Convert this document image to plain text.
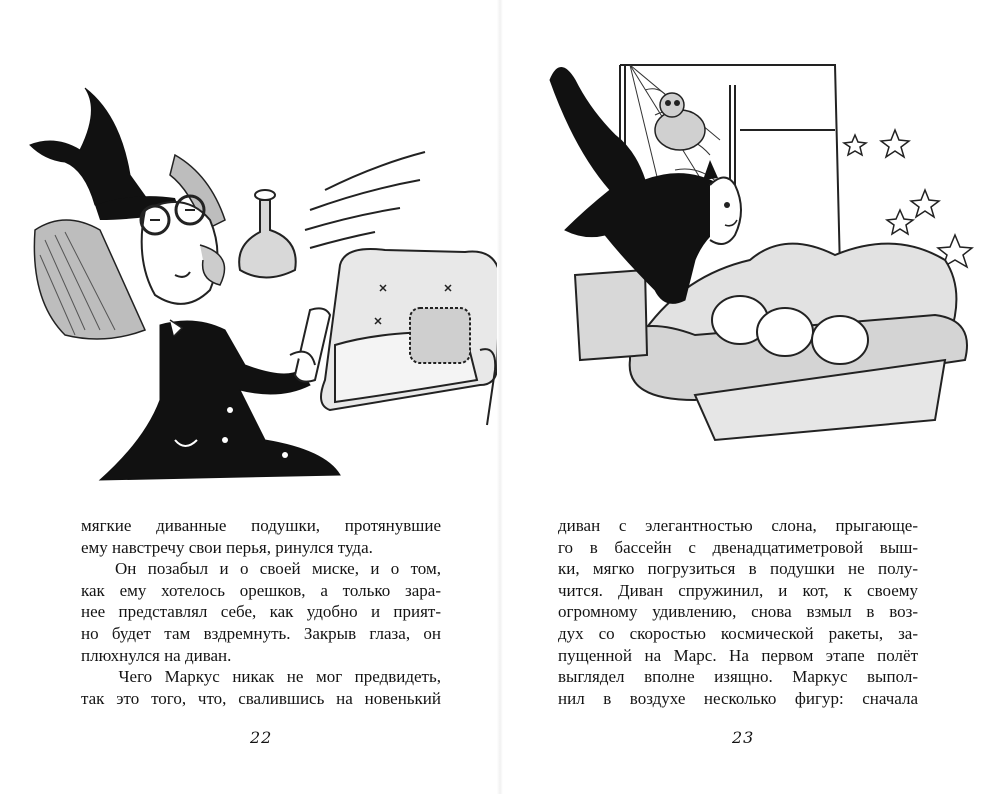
мягкие диванные подушки, протянувшие

ему навстречу свои перья, ринулся туда.

Он позабыл и о своей миске, и о том,

как ему хотелось орешков, а только зара-

нее представлял себе, как удобно и прият-

но будет там вздремнуть. Закрыв глаза, он

плюхнулся на диван.

Чего Маркус никак не мог предвидеть,

так это того, что, свалившись на новенький

22

диван с элегантностью слона, прыгающе-

го в бассейн с двенадцатиметровой выш-

ки, мягко погрузиться в подушки не полу-

чится. Диван спружинил, и кот, к своему

огромному удивлению, снова взмыл в воз-

дух со скоростью космической ракеты, за-

пущенной на Марс. На первом этапе полёт

выглядел вполне изящно. Маркус выпол-

нил в воздухе несколько фигур: сначала

23
